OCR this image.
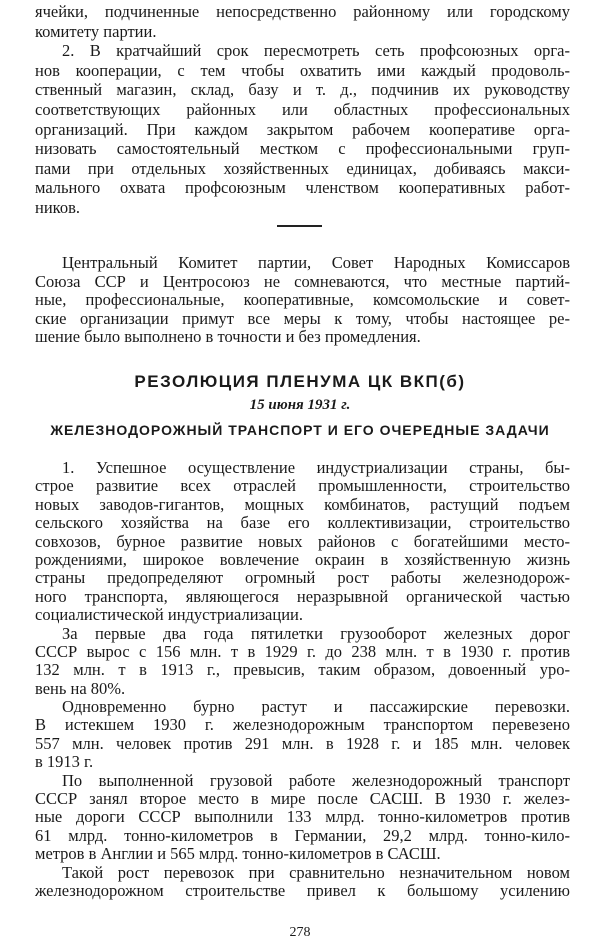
ячейки, подчиненные непосредственно районному или городскому
комитету партии.
2. В кратчайший срок пересмотреть сеть профсоюзных орга-
нов кооперации, с тем чтобы охватить ими каждый продоволь-
ственный магазин, склад, базу и т. д., подчинив их руководству
соответствующих районных или областных профессиональных
организаций. При каждом закрытом рабочем кооперативе орга-
низовать самостоятельный местком с профессиональными груп-
пами при отдельных хозяйственных единицах, добиваясь макси-
мального охвата профсоюзным членством кооперативных работ-
ников.
Центральный Комитет партии, Совет Народных Комиссаров
Союза ССР и Центросоюз не сомневаются, что местные партий-
ные, профессиональные, кооперативные, комсомольские и совет-
ские организации примут все меры к тому, чтобы настоящее ре-
шение было выполнено в точности и без промедления.
РЕЗОЛЮЦИЯ ПЛЕНУМА ЦК ВКП(б)
15 июня 1931 г.
ЖЕЛЕЗНОДОРОЖНЫЙ ТРАНСПОРТ И ЕГО ОЧЕРЕДНЫЕ ЗАДАЧИ
1. Успешное осуществление индустриализации страны, бы-
строе развитие всех отраслей промышленности, строительство
новых заводов-гигантов, мощных комбинатов, растущий подъем
сельского хозяйства на базе его коллективизации, строительство
совхозов, бурное развитие новых районов с богатейшими место-
рождениями, широкое вовлечение окраин в хозяйственную жизнь
страны предопределяют огромный рост работы железнодорож-
ного транспорта, являющегося неразрывной органической частью
социалистической индустриализации.
За первые два года пятилетки грузооборот железных дорог
СССР вырос с 156 млн. т в 1929 г. до 238 млн. т в 1930 г. против
132 млн. т в 1913 г., превысив, таким образом, довоенный уро-
вень на 80%.
Одновременно бурно растут и пассажирские перевозки.
В истекшем 1930 г. железнодорожным транспортом перевезено
557 млн. человек против 291 млн. в 1928 г. и 185 млн. человек
в 1913 г.
По выполненной грузовой работе железнодорожный транспорт
СССР занял второе место в мире после САСШ. В 1930 г. желез-
ные дороги СССР выполнили 133 млрд. тонно-километров против
61 млрд. тонно-километров в Германии, 29,2 млрд. тонно-кило-
метров в Англии и 565 млрд. тонно-километров в САСШ.
Такой рост перевозок при сравнительно незначительном новом
железнодорожном строительстве привел к большому усилению
278
